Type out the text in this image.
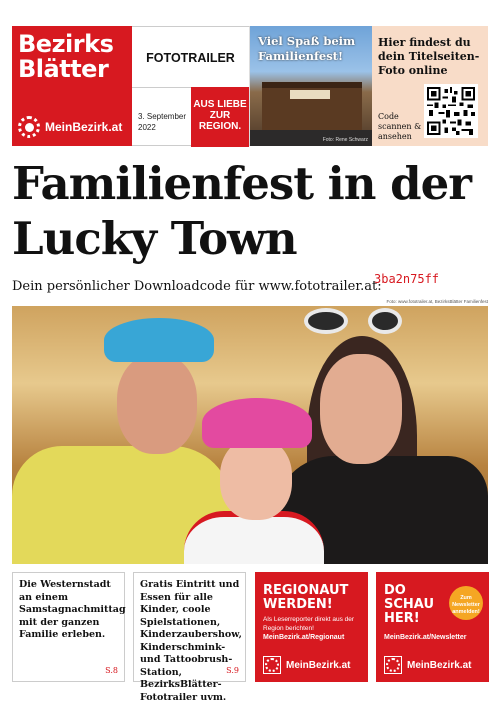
Bezirks Blätter
MeinBezirk.at
FOTOTRAILER
3. September 2022
AUS LIEBE ZUR REGION.
Viel Spaß beim Familienfest!
Foto: Rene Schwarz
Hier findest du dein Titelseiten-Foto online
Code scannen & ansehen
Familienfest in der Lucky Town
Dein persönlicher Downloadcode für www.fototrailer.at:
3ba2n75ff
Foto: www.fototrailer.at, BezirksBlätter Familienfest
Die Westernstadt an einem Samstagnachmittag mit der ganzen Familie erleben.
S.8
Gratis Eintritt und Essen für alle Kinder, coole Spielstationen, Kinderzaubershow, Kinderschmink- und Tattoobrush-Station, BezirksBlätter-Fototrailer uvm.
S.9
REGIONAUT WERDEN!
Als Leserreporter direkt aus der Region berichten!
MeinBezirk.at/Regionaut
MeinBezirk.at
DO SCHAU HER!
Zum Newsletter anmelden!
MeinBezirk.at/Newsletter
MeinBezirk.at
